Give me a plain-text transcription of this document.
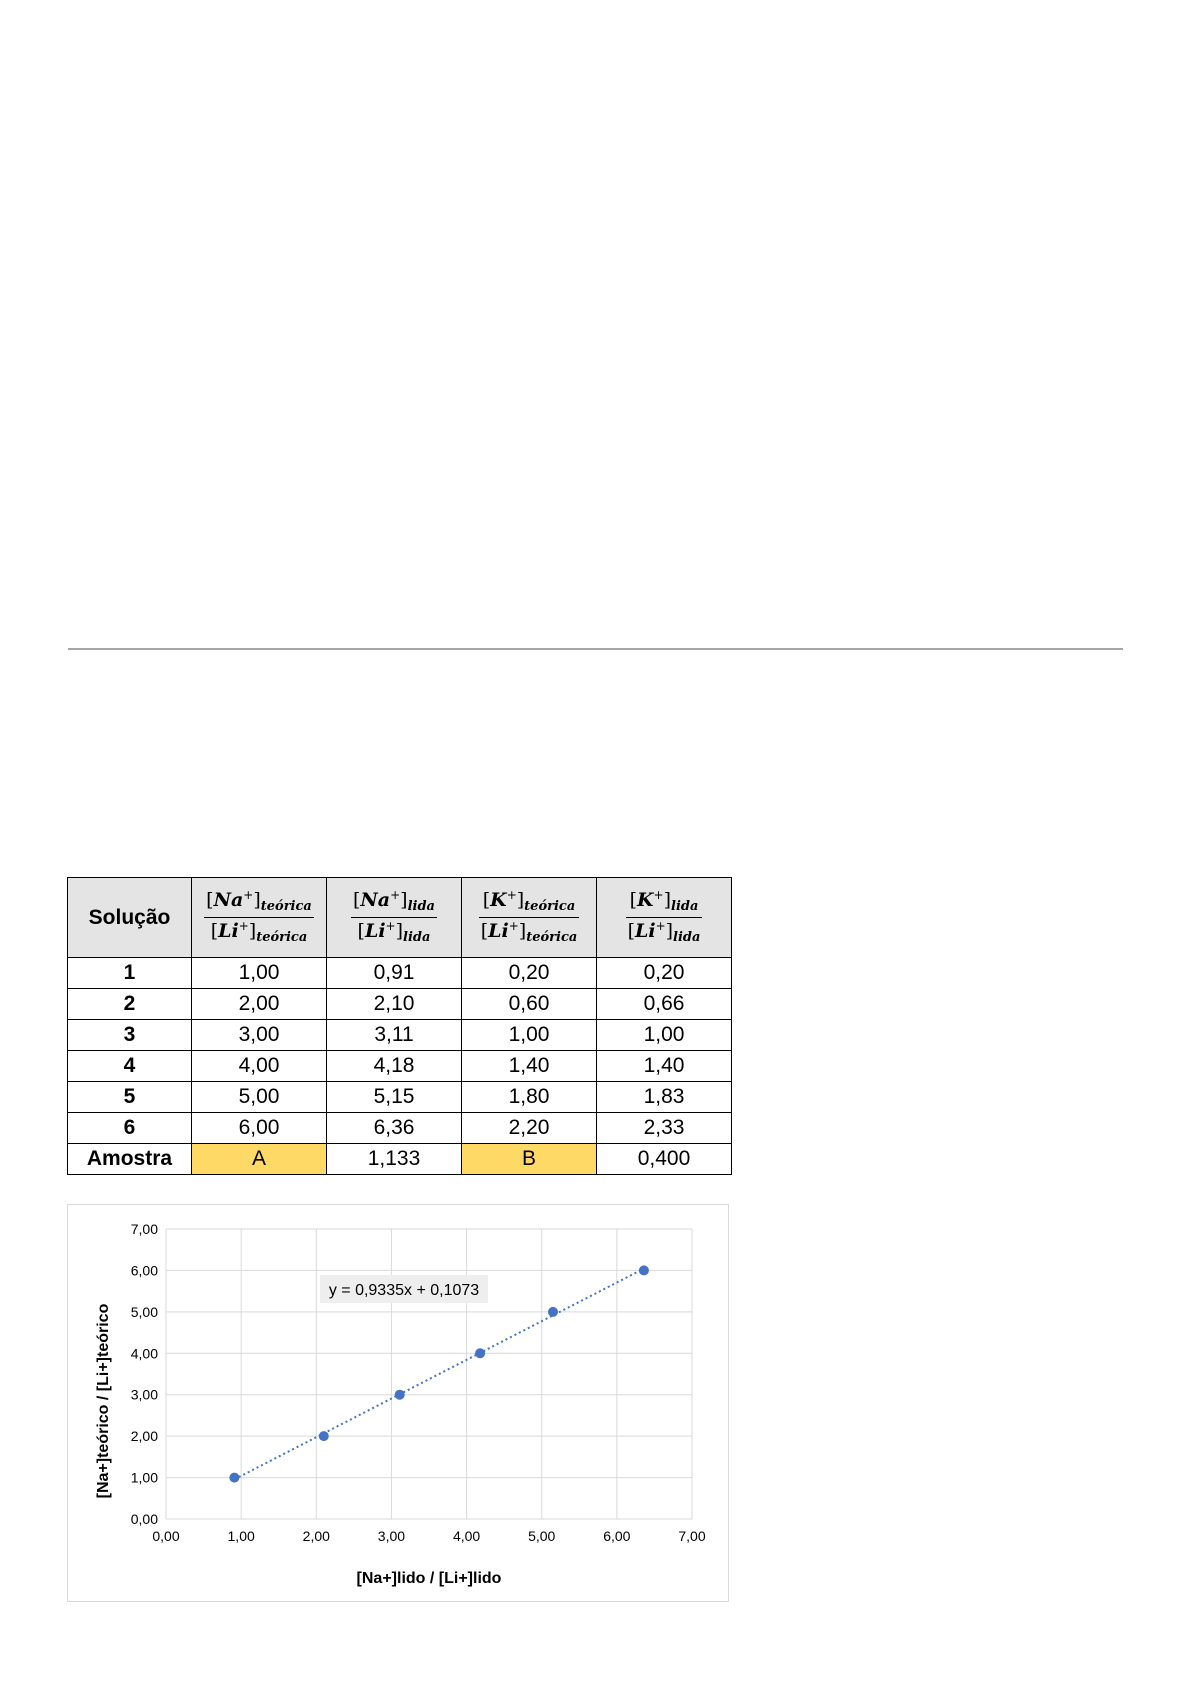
Solução	$\frac{[Na^+]_{teórica}}{[Li^+]_{teórica}}$	$\frac{[Na^+]_{lida}}{[Li^+]_{lida}}$	$\frac{[K^+]_{teórica}}{[Li^+]_{teórica}}$	$\frac{[K^+]_{lida}}{[Li^+]_{lida}}$

1	1,00	0,91	0,20	0,20
2	2,00	2,10	0,60	0,66
3	3,00	3,11	1,00	1,00
4	4,00	4,18	1,40	1,40
5	5,00	5,15	1,80	1,83
6	6,00	6,36	2,20	2,33
Amostra	A	1,133	B	0,400
0,00	1,00	2,00	3,00	4,00	5,00	6,00	7,00
0,00
1,00
2,00
3,00
4,00
5,00
6,00
7,00
y = 0,9335x + 0,1073
[Na+]lido / [Li+]lido
[Na+]teórico / [Li+]teórico
